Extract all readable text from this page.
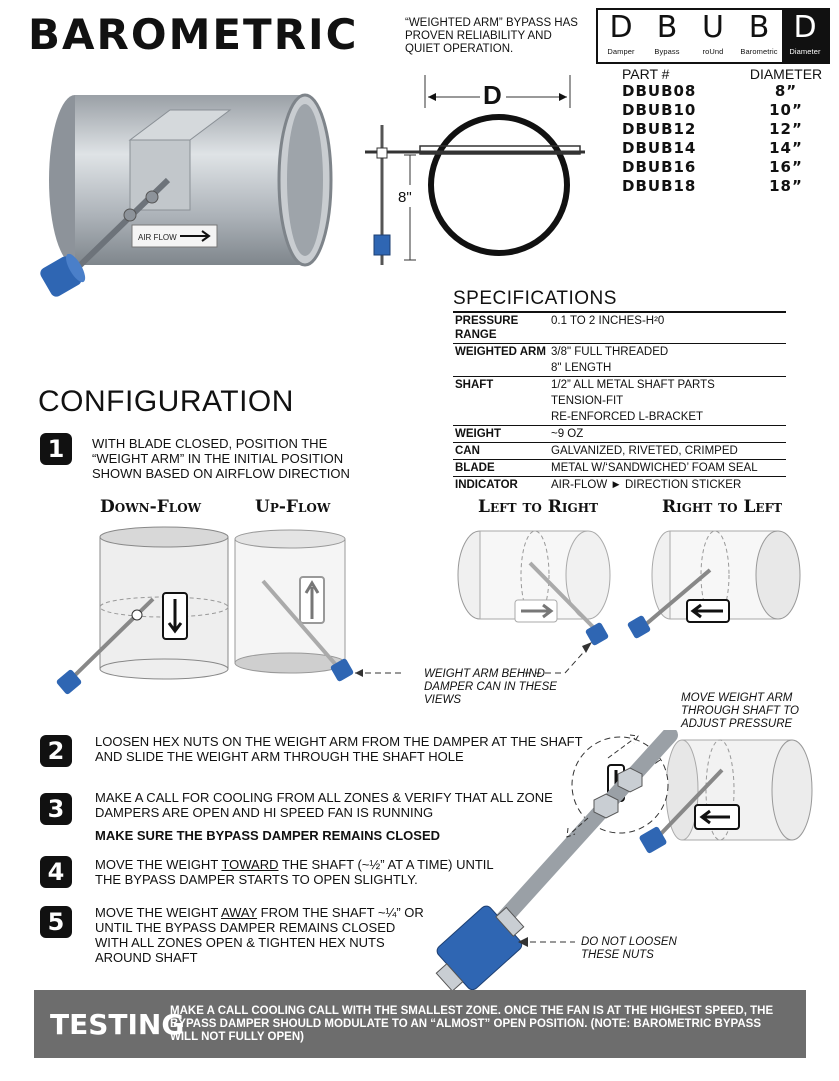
BAROMETRIC	“WEIGHTED ARM” BYPASS HAS PROVEN RELIABILITY AND QUIET OPERATION.
D
Damper
B
Bypass
U
roUnd
B
Barometric
D
Diameter
AIR FLOW
D
8"
PART #	DIAMETER
DBUB08	8”
DBUB10	10”
DBUB12	12”
DBUB14	14”
DBUB16	16”
DBUB18	18”
SPECIFICATIONS
PRESSURE RANGE	0.1 TO 2 INCHES-H²0
WEIGHTED ARM	3/8" FULL THREADED
	8" LENGTH
SHAFT	1/2” ALL METAL SHAFT PARTS
	TENSION-FIT
	RE-ENFORCED L-BRACKET
WEIGHT	~9 OZ
CAN	GALVANIZED, RIVETED, CRIMPED
BLADE	METAL W/‘SANDWICHED’ FOAM SEAL
INDICATOR	AIR-FLOW ► DIRECTION STICKER
CONFIGURATION
1	WITH BLADE CLOSED, POSITION THE “WEIGHT ARM” IN THE INITIAL POSITION SHOWN BASED ON AIRFLOW DIRECTION
Down-Flow	Up-Flow	Left to Right	Right to Left
WEIGHT ARM BEHIND DAMPER CAN IN THESE VIEWS
2	LOOSEN HEX NUTS ON THE WEIGHT ARM FROM THE DAMPER AT THE SHAFT AND SLIDE THE WEIGHT ARM THROUGH THE SHAFT HOLE
3	MAKE A CALL FOR COOLING FROM ALL ZONES & VERIFY THAT ALL ZONE DAMPERS ARE OPEN AND HI SPEED FAN IS RUNNING
MAKE SURE THE BYPASS DAMPER REMAINS CLOSED
4	MOVE THE WEIGHT TOWARD THE SHAFT (~½” AT A TIME) UNTIL THE BYPASS DAMPER STARTS TO OPEN SLIGHTLY.
5	MOVE THE WEIGHT AWAY FROM THE SHAFT ~¼” OR UNTIL THE BYPASS DAMPER REMAINS CLOSED WITH ALL ZONES OPEN & TIGHTEN HEX NUTS AROUND SHAFT
MOVE WEIGHT ARM THROUGH SHAFT TO ADJUST PRESSURE
DO NOT LOOSEN THESE NUTS
TESTING
MAKE A CALL COOLING CALL WITH THE SMALLEST ZONE. ONCE THE FAN IS AT THE HIGHEST SPEED, THE BYPASS DAMPER SHOULD MODULATE TO AN “ALMOST” OPEN POSITION. (NOTE: BAROMETRIC BYPASS WILL NOT FULLY OPEN)
